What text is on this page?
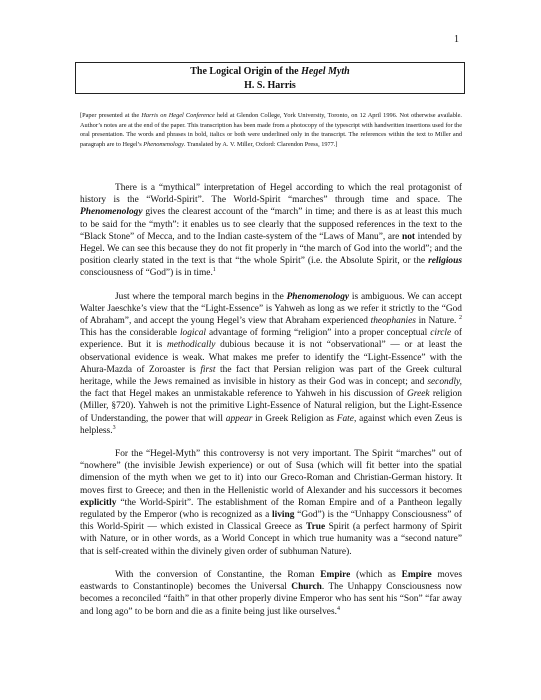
1
The Logical Origin of the Hegel Myth
H. S. Harris
[Paper presented at the Harris on Hegel Conference held at Glendon College, York University, Toronto, on 12 April 1996. Not otherwise available. Author’s notes are at the end of the paper. This transcription has been made from a photocopy of the typescript with handwritten insertions used for the oral presentation. The words and phrases in bold, italics or both were underlined only in the transcript. The references within the text to Miller and paragraph are to Hegel’s Phenomenology. Translated by A. V. Miller, Oxford: Clarendon Press, 1977.]

There is a “mythical” interpretation of Hegel according to which the real protagonist of history is the “World-Spirit”. The World-Spirit “marches” through time and space. The Phenomenology gives the clearest account of the “march” in time; and there is as at least this much to be said for the “myth”: it enables us to see clearly that the supposed references in the text to the “Black Stone” of Mecca, and to the Indian caste-system of the “Laws of Manu”, are not intended by Hegel. We can see this because they do not fit properly in “the march of God into the world”; and the position clearly stated in the text is that “the whole Spirit” (i.e. the Absolute Spirit, or the religious consciousness of “God”) is in time.$^1$

Just where the temporal march begins in the Phenomenology is ambiguous. We can accept Walter Jaeschke’s view that the “Light-Essence” is Yahweh as long as we refer it strictly to the “God of Abraham”, and accept the young Hegel’s view that Abraham experienced theophanies in Nature. $^2$ This has the considerable logical advantage of forming “religion” into a proper conceptual circle of experience. But it is methodically dubious because it is not “observational” — or at least the observational evidence is weak. What makes me prefer to identify the “Light-Essence” with the Ahura-Mazda of Zoroaster is first the fact that Persian religion was part of the Greek cultural heritage, while the Jews remained as invisible in history as their God was in concept; and secondly, the fact that Hegel makes an unmistakable reference to Yahweh in his discussion of Greek religion (Miller, §720). Yahweh is not the primitive Light-Essence of Natural religion, but the Light-Essence of Understanding, the power that will appear in Greek Religion as Fate, against which even Zeus is helpless.$^3$

For the “Hegel-Myth” this controversy is not very important. The Spirit “marches” out of “nowhere” (the invisible Jewish experience) or out of Susa (which will fit better into the spatial dimension of the myth when we get to it) into our Greco-Roman and Christian-German history. It moves first to Greece; and then in the Hellenistic world of Alexander and his successors it becomes explicitly “the World-Spirit”. The establishment of the Roman Empire and of a Pantheon legally regulated by the Emperor (who is recognized as a living “God”) is the “Unhappy Consciousness” of this World-Spirit — which existed in Classical Greece as True Spirit (a perfect harmony of Spirit with Nature, or in other words, as a World Concept in which true humanity was a “second nature” that is self-created within the divinely given order of subhuman Nature).

With the conversion of Constantine, the Roman Empire (which as Empire moves eastwards to Constantinople) becomes the Universal Church. The Unhappy Consciousness now becomes a reconciled “faith” in that other properly divine Emperor who has sent his “Son” “far away and long ago” to be born and die as a finite being just like ourselves.$^4$
